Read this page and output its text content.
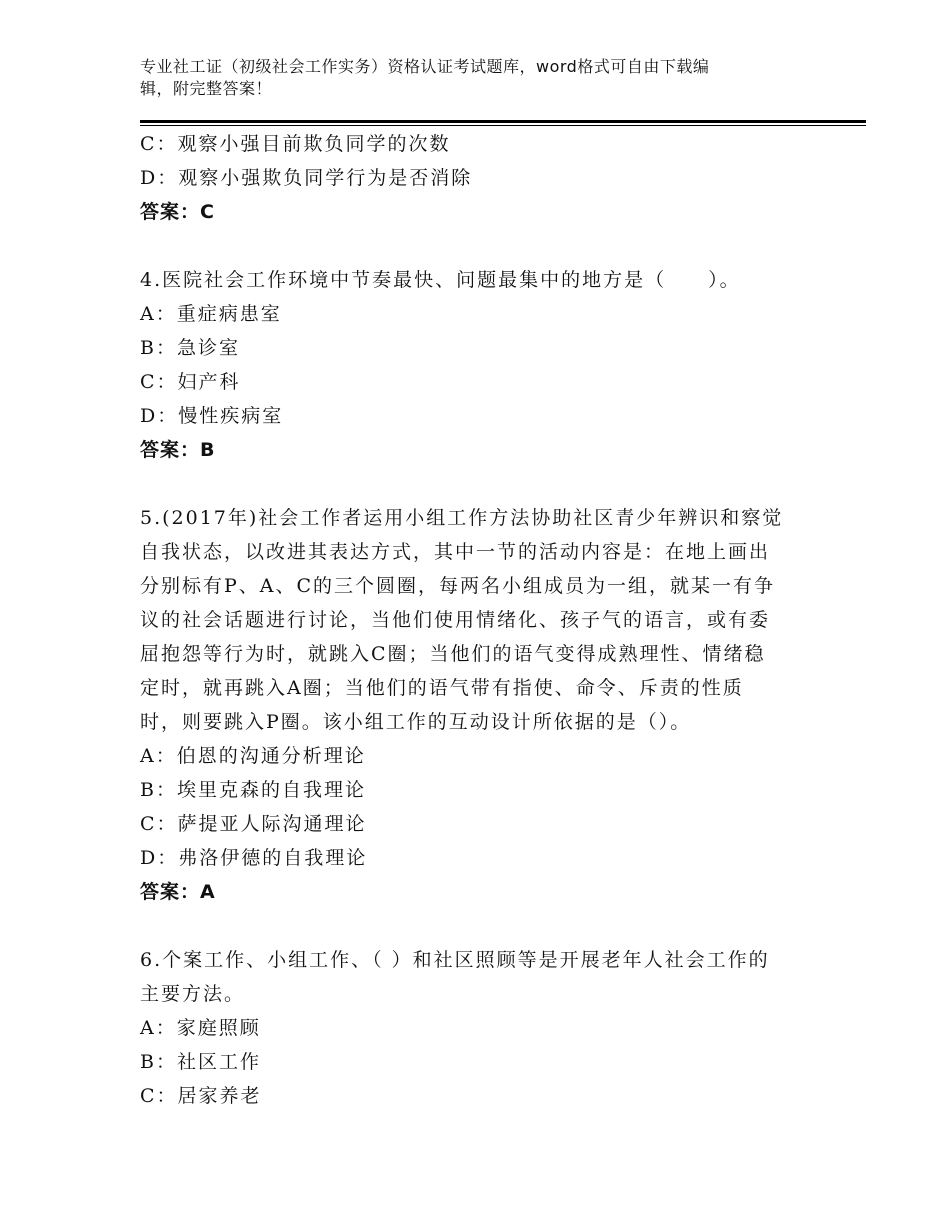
专业社工证（初级社会工作实务）资格认证考试题库，word格式可自由下载编
辑，附完整答案！
C：观察小强目前欺负同学的次数
D：观察小强欺负同学行为是否消除
答案：C
4.医院社会工作环境中节奏最快、问题最集中的地方是（　　）。
A：重症病患室
B：急诊室
C：妇产科
D：慢性疾病室
答案：B
5.(2017年)社会工作者运用小组工作方法协助社区青少年辨识和察觉
自我状态，以改进其表达方式，其中一节的活动内容是：在地上画出
分别标有P、A、C的三个圆圈，每两名小组成员为一组，就某一有争
议的社会话题进行讨论，当他们使用情绪化、孩子气的语言，或有委
屈抱怨等行为时，就跳入C圈；当他们的语气变得成熟理性、情绪稳
定时，就再跳入A圈；当他们的语气带有指使、命令、斥责的性质
时，则要跳入P圈。该小组工作的互动设计所依据的是（）。
A：伯恩的沟通分析理论
B：埃里克森的自我理论
C：萨提亚人际沟通理论
D：弗洛伊德的自我理论
答案：A
6.个案工作、小组工作、（ ）和社区照顾等是开展老年人社会工作的
主要方法。
A：家庭照顾
B：社区工作
C：居家养老
